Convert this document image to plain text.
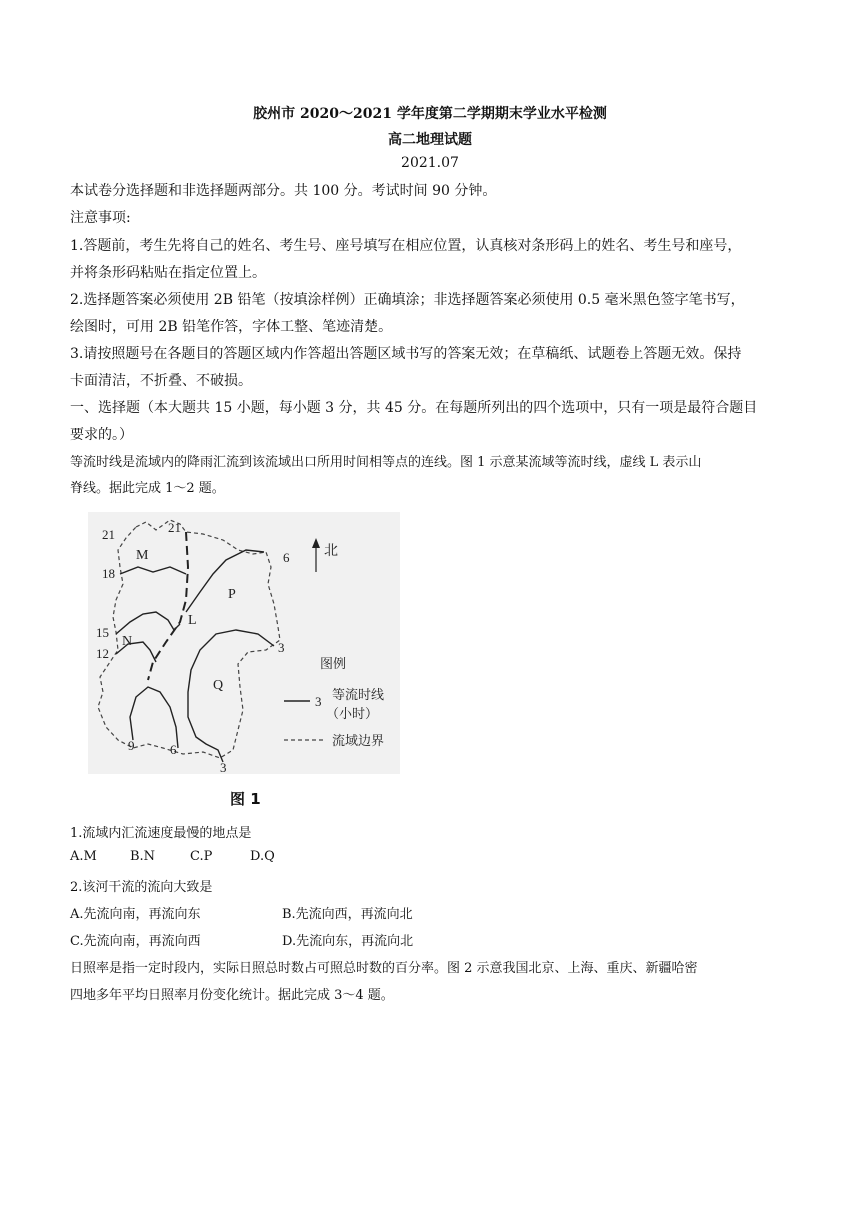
胶州市 2020～2021 学年度第二学期期末学业水平检测
高二地理试题
2021.07
本试卷分选择题和非选择题两部分。共 100 分。考试时间 90 分钟。
注意事项:
1.答题前，考生先将自己的姓名、考生号、座号填写在相应位置，认真核对条形码上的姓名、考生号和座号，
并将条形码粘贴在指定位置上。
2.选择题答案必须使用 2B 铅笔（按填涂样例）正确填涂；非选择题答案必须使用 0.5 毫米黑色签字笔书写，
绘图时，可用 2B 铅笔作答，字体工整、笔迹清楚。
3.请按照题号在各题目的答题区域内作答超出答题区域书写的答案无效；在草稿纸、试题卷上答题无效。保持
卡面清洁，不折叠、不破损。
一、选择题（本大题共 15 小题，每小题 3 分，共 45 分。在每题所列出的四个选项中，只有一项是最符合题目
要求的。）
等流时线是流域内的降雨汇流到该流域出口所用时间相等点的连线。图 1 示意某流域等流时线，虚线 L 表示山
脊线。据此完成 1～2 题。
21	21
18
15
12
9	6
6
3
3
M
N
P
Q
L
北
图例
3 等流时线
（小时）
流域边界
图 1
1.流域内汇流速度最慢的地点是
A.M	B.N	C.P	D.Q
2.该河干流的流向大致是
A.先流向南，再流向东	B.先流向西，再流向北
C.先流向南，再流向西	D.先流向东，再流向北
日照率是指一定时段内，实际日照总时数占可照总时数的百分率。图 2 示意我国北京、上海、重庆、新疆哈密
四地多年平均日照率月份变化统计。据此完成 3～4 题。
